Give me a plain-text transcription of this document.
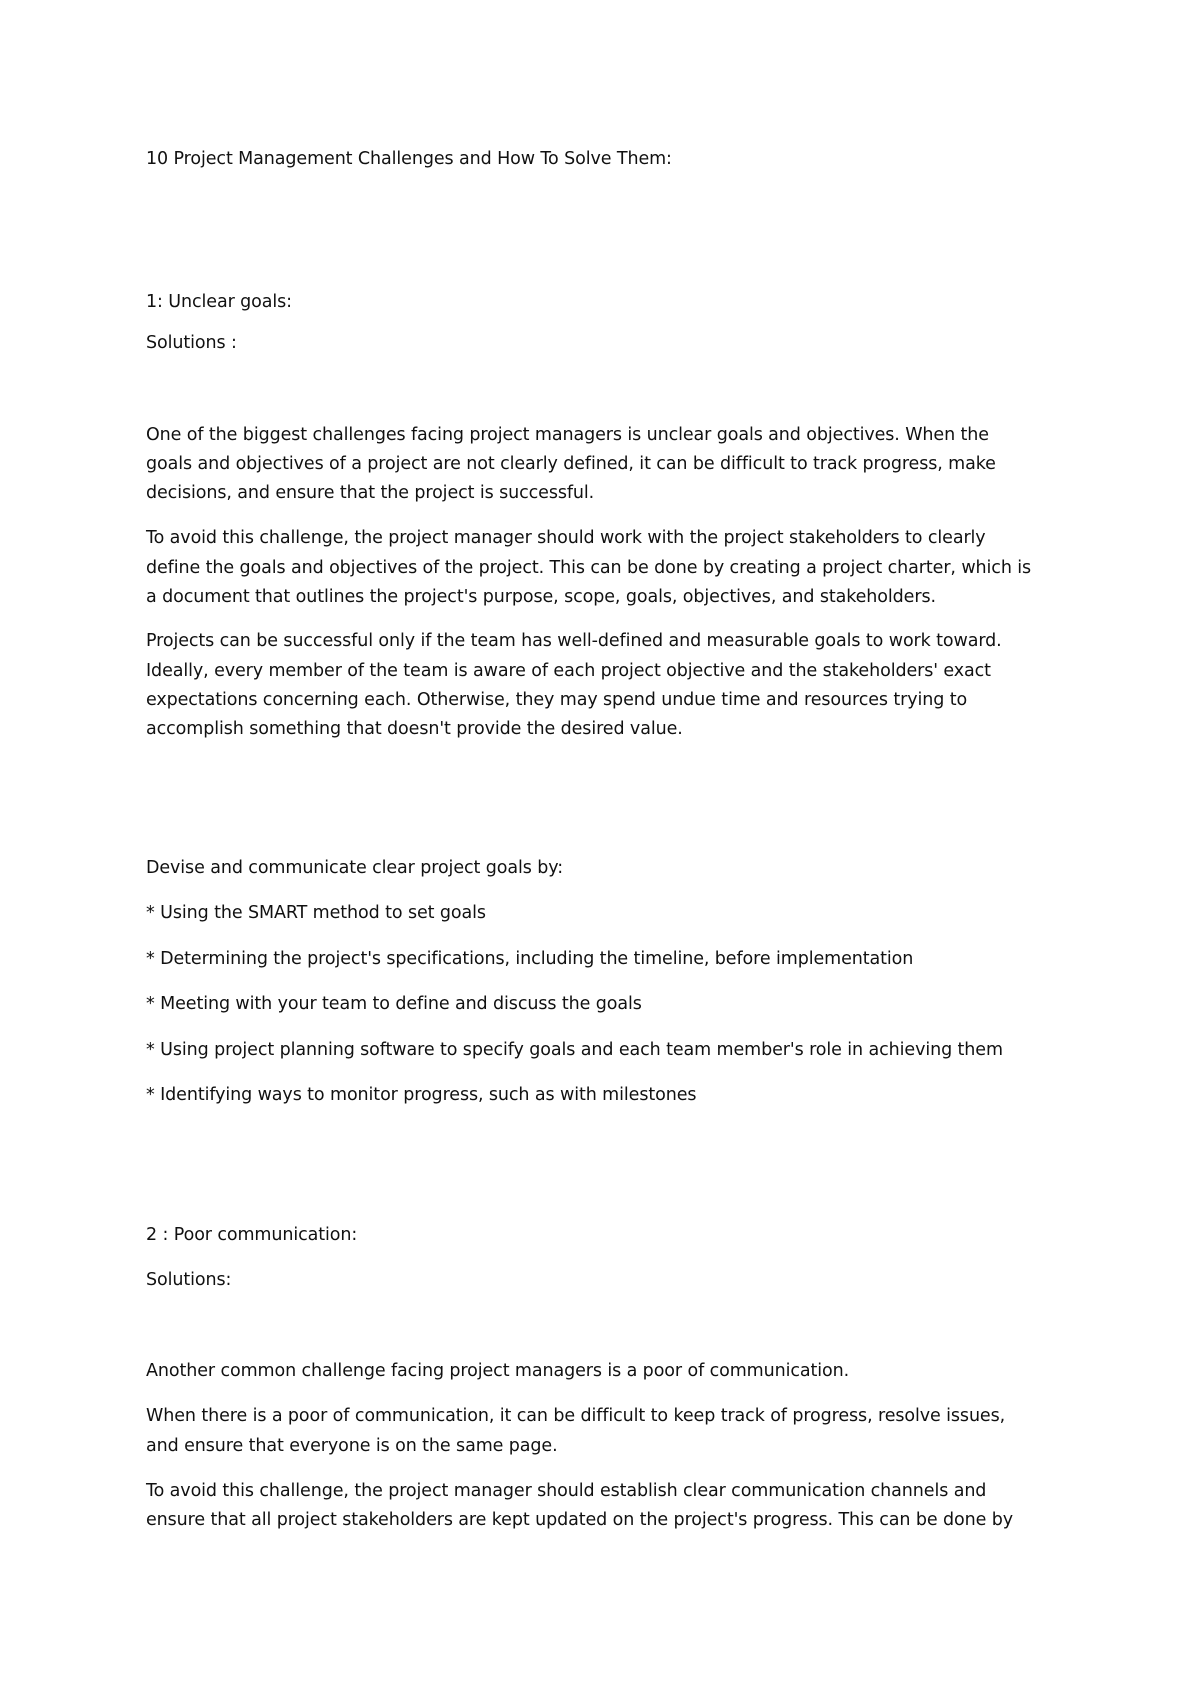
10 Project Management Challenges and How To Solve Them:

1: Unclear goals:

Solutions :

One of the biggest challenges facing project managers is unclear goals and objectives. When the

goals and objectives of a project are not clearly defined, it can be difficult to track progress, make

decisions, and ensure that the project is successful.

To avoid this challenge, the project manager should work with the project stakeholders to clearly

define the goals and objectives of the project. This can be done by creating a project charter, which is

a document that outlines the project's purpose, scope, goals, objectives, and stakeholders.

Projects can be successful only if the team has well-defined and measurable goals to work toward.

Ideally, every member of the team is aware of each project objective and the stakeholders' exact

expectations concerning each. Otherwise, they may spend undue time and resources trying to

accomplish something that doesn't provide the desired value.

Devise and communicate clear project goals by:

* Using the SMART method to set goals

* Determining the project's specifications, including the timeline, before implementation

* Meeting with your team to define and discuss the goals

* Using project planning software to specify goals and each team member's role in achieving them

* Identifying ways to monitor progress, such as with milestones

2 : Poor communication:

Solutions:

Another common challenge facing project managers is a poor of communication.

When there is a poor of communication, it can be difficult to keep track of progress, resolve issues,

and ensure that everyone is on the same page.

To avoid this challenge, the project manager should establish clear communication channels and

ensure that all project stakeholders are kept updated on the project's progress. This can be done by
